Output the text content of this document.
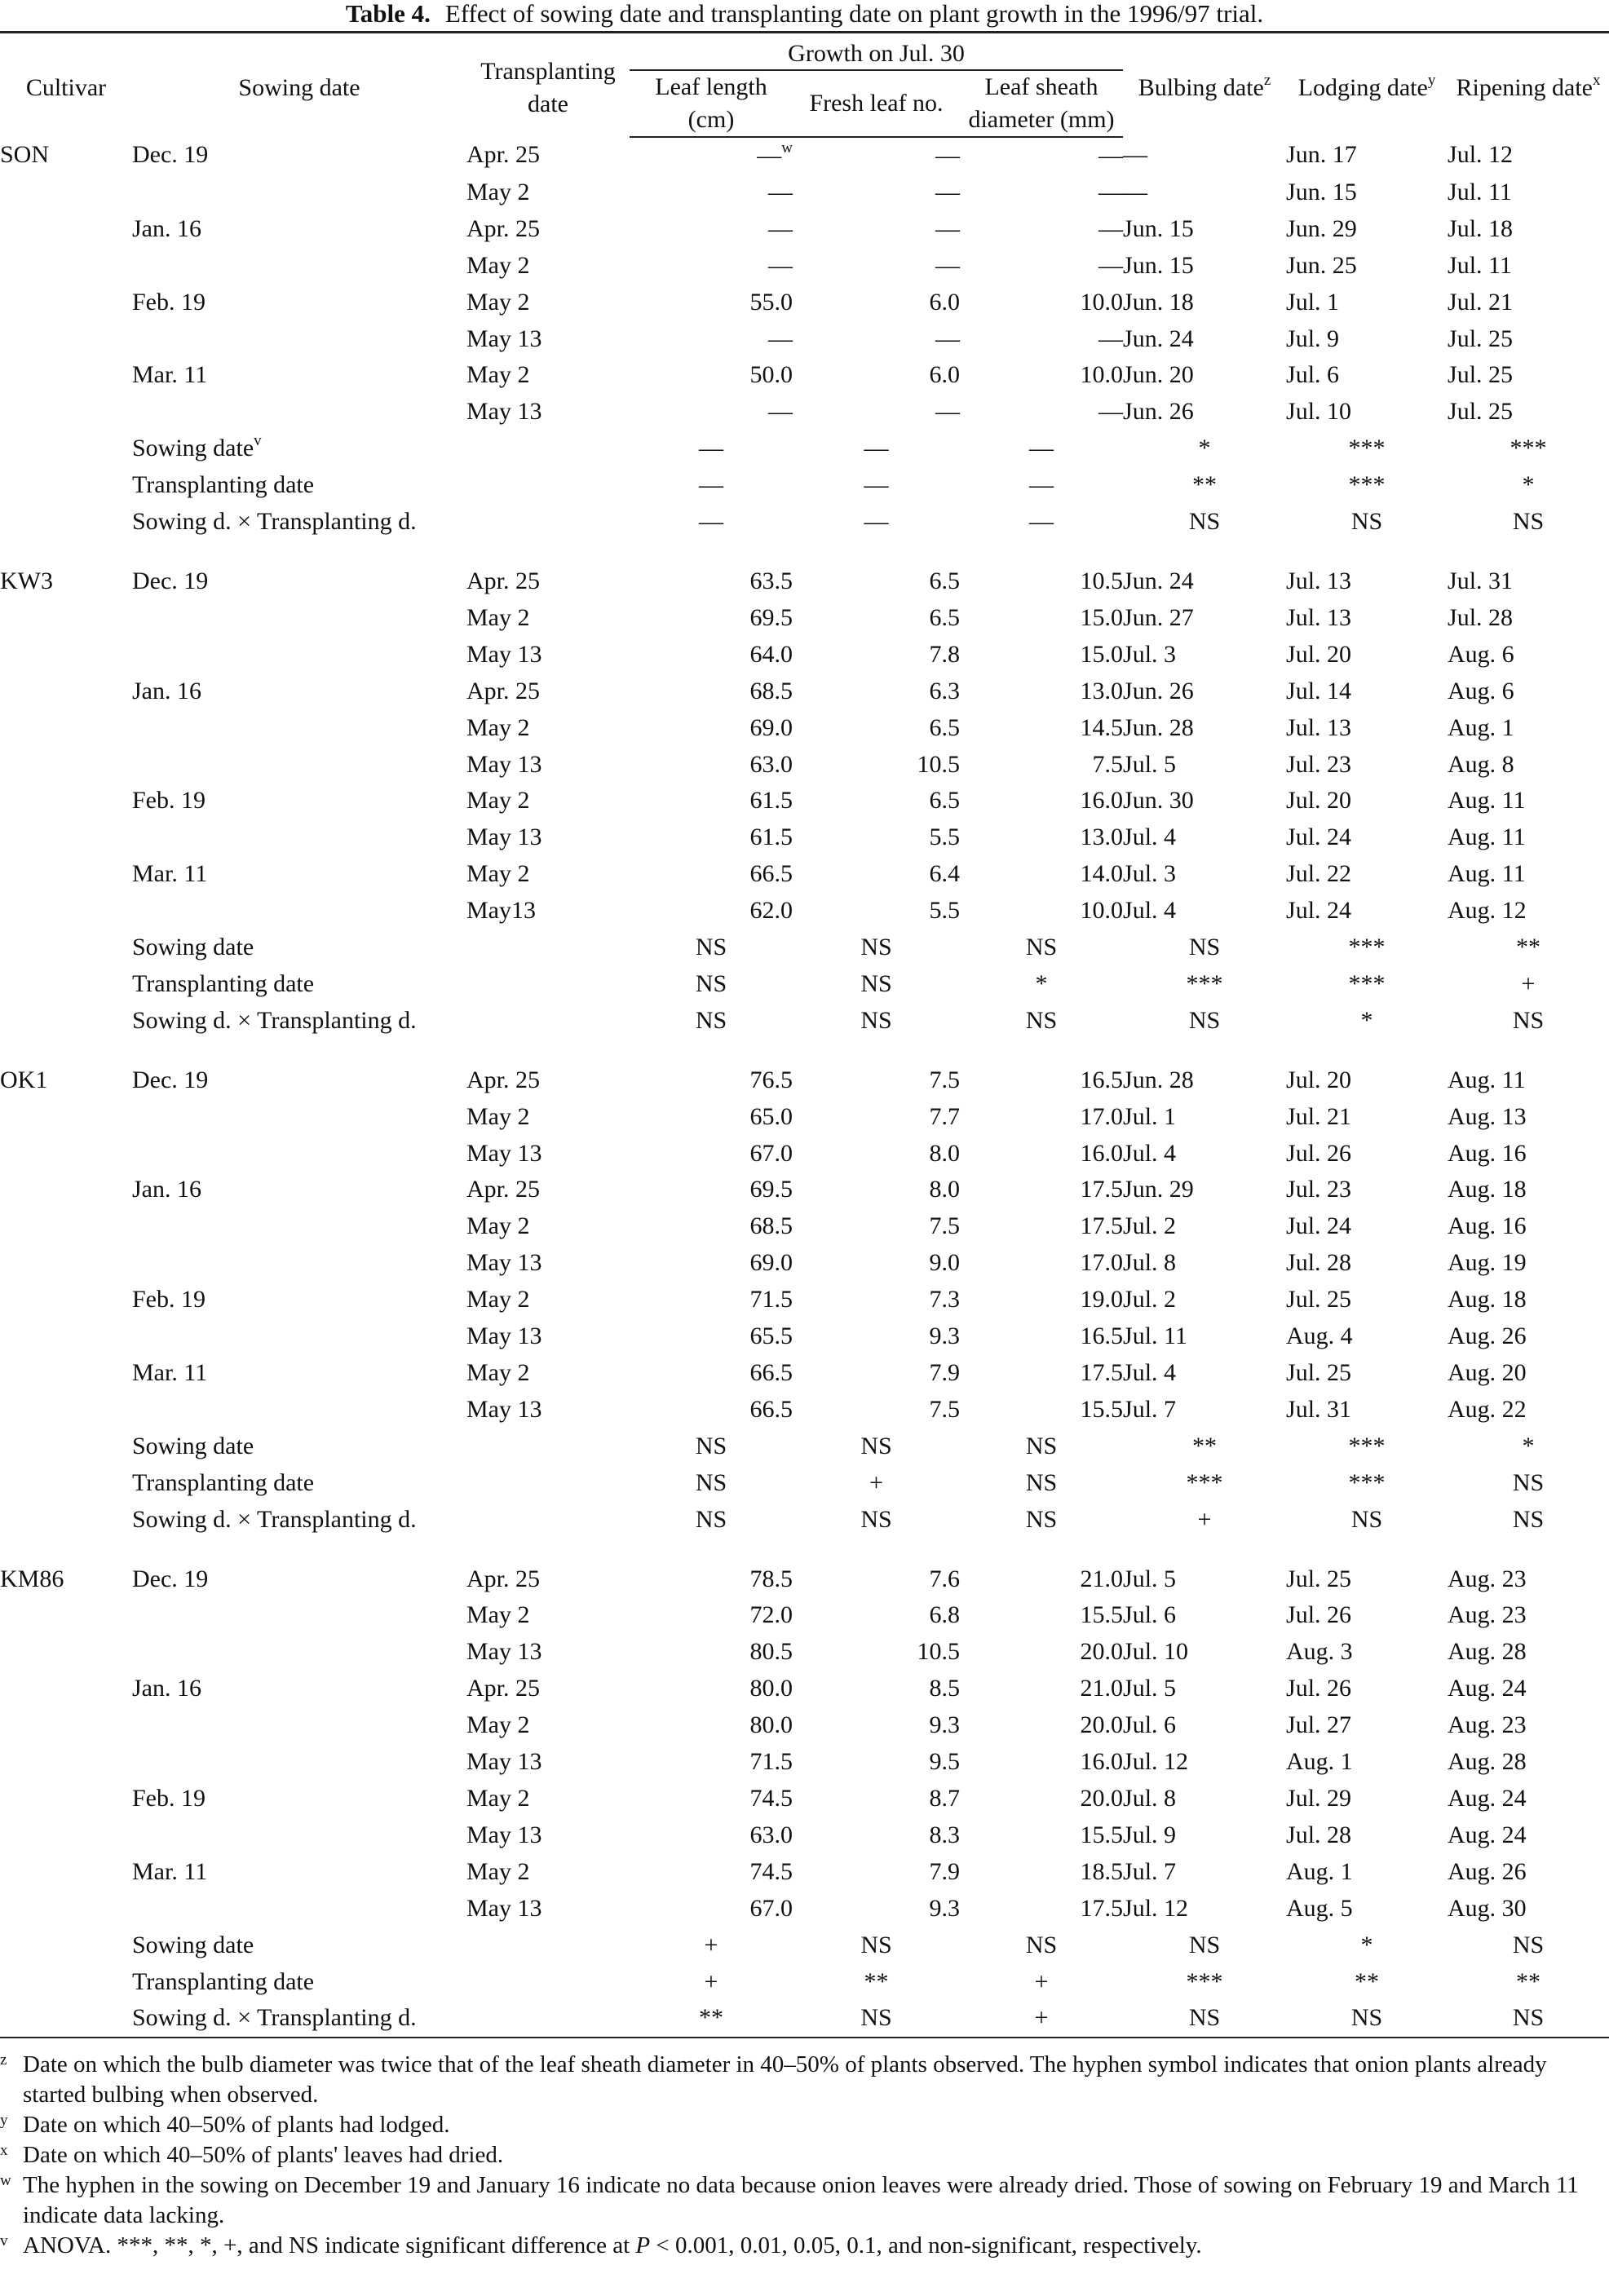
Table 4. Effect of sowing date and transplanting date on plant growth in the 1996/97 trial.
Cultivar	Sowing date	Transplanting date	Growth on Jul. 30			Bulbing date$^z$	Lodging date$^y$	Ripening date$^x$
			Leaf length (cm)	Fresh leaf no.	Leaf sheath diameter (mm)			
SON	Dec. 19	Apr. 25	—$^w$	—	—	—	Jun. 17	Jul. 12
		May 2	—	—	—	—	Jun. 15	Jul. 11
	Jan. 16	Apr. 25	—	—	—	Jun. 15	Jun. 29	Jul. 18
		May 2	—	—	—	Jun. 15	Jun. 25	Jul. 11
	Feb. 19	May 2	55.0	6.0	10.0	Jun. 18	Jul. 1	Jul. 21
		May 13	—	—	—	Jun. 24	Jul. 9	Jul. 25
	Mar. 11	May 2	50.0	6.0	10.0	Jun. 20	Jul. 6	Jul. 25
		May 13	—	—	—	Jun. 26	Jul. 10	Jul. 25
	Sowing date$^v$		—	—	—	*	***	***
	Transplanting date		—	—	—	**	***	*
	Sowing d. × Transplanting d.		—	—	—	NS	NS	NS

KW3	Dec. 19	Apr. 25	63.5	6.5	10.5	Jun. 24	Jul. 13	Jul. 31
		May 2	69.5	6.5	15.0	Jun. 27	Jul. 13	Jul. 28
		May 13	64.0	7.8	15.0	Jul. 3	Jul. 20	Aug. 6
	Jan. 16	Apr. 25	68.5	6.3	13.0	Jun. 26	Jul. 14	Aug. 6
		May 2	69.0	6.5	14.5	Jun. 28	Jul. 13	Aug. 1
		May 13	63.0	10.5	7.5	Jul. 5	Jul. 23	Aug. 8
	Feb. 19	May 2	61.5	6.5	16.0	Jun. 30	Jul. 20	Aug. 11
		May 13	61.5	5.5	13.0	Jul. 4	Jul. 24	Aug. 11
	Mar. 11	May 2	66.5	6.4	14.0	Jul. 3	Jul. 22	Aug. 11
		May13	62.0	5.5	10.0	Jul. 4	Jul. 24	Aug. 12
	Sowing date		NS	NS	NS	NS	***	**
	Transplanting date		NS	NS	*	***	***	+
	Sowing d. × Transplanting d.		NS	NS	NS	NS	*	NS

OK1	Dec. 19	Apr. 25	76.5	7.5	16.5	Jun. 28	Jul. 20	Aug. 11
		May 2	65.0	7.7	17.0	Jul. 1	Jul. 21	Aug. 13
		May 13	67.0	8.0	16.0	Jul. 4	Jul. 26	Aug. 16
	Jan. 16	Apr. 25	69.5	8.0	17.5	Jun. 29	Jul. 23	Aug. 18
		May 2	68.5	7.5	17.5	Jul. 2	Jul. 24	Aug. 16
		May 13	69.0	9.0	17.0	Jul. 8	Jul. 28	Aug. 19
	Feb. 19	May 2	71.5	7.3	19.0	Jul. 2	Jul. 25	Aug. 18
		May 13	65.5	9.3	16.5	Jul. 11	Aug. 4	Aug. 26
	Mar. 11	May 2	66.5	7.9	17.5	Jul. 4	Jul. 25	Aug. 20
		May 13	66.5	7.5	15.5	Jul. 7	Jul. 31	Aug. 22
	Sowing date		NS	NS	NS	**	***	*
	Transplanting date		NS	+	NS	***	***	NS
	Sowing d. × Transplanting d.		NS	NS	NS	+	NS	NS

KM86	Dec. 19	Apr. 25	78.5	7.6	21.0	Jul. 5	Jul. 25	Aug. 23
		May 2	72.0	6.8	15.5	Jul. 6	Jul. 26	Aug. 23
		May 13	80.5	10.5	20.0	Jul. 10	Aug. 3	Aug. 28
	Jan. 16	Apr. 25	80.0	8.5	21.0	Jul. 5	Jul. 26	Aug. 24
		May 2	80.0	9.3	20.0	Jul. 6	Jul. 27	Aug. 23
		May 13	71.5	9.5	16.0	Jul. 12	Aug. 1	Aug. 28
	Feb. 19	May 2	74.5	8.7	20.0	Jul. 8	Jul. 29	Aug. 24
		May 13	63.0	8.3	15.5	Jul. 9	Jul. 28	Aug. 24
	Mar. 11	May 2	74.5	7.9	18.5	Jul. 7	Aug. 1	Aug. 26
		May 13	67.0	9.3	17.5	Jul. 12	Aug. 5	Aug. 30
	Sowing date		+	NS	NS	NS	*	NS
	Transplanting date		+	**	+	***	**	**
	Sowing d. × Transplanting d.		**	NS	+	NS	NS	NS
z Date on which the bulb diameter was twice that of the leaf sheath diameter in 40–50% of plants observed. The hyphen symbol indicates that onion plants already started bulbing when observed.
y Date on which 40–50% of plants had lodged.
x Date on which 40–50% of plants' leaves had dried.
w The hyphen in the sowing on December 19 and January 16 indicate no data because onion leaves were already dried. Those of sowing on February 19 and March 11 indicate data lacking.
v ANOVA. ***, **, *, +, and NS indicate significant difference at P < 0.001, 0.01, 0.05, 0.1, and non-significant, respectively.
